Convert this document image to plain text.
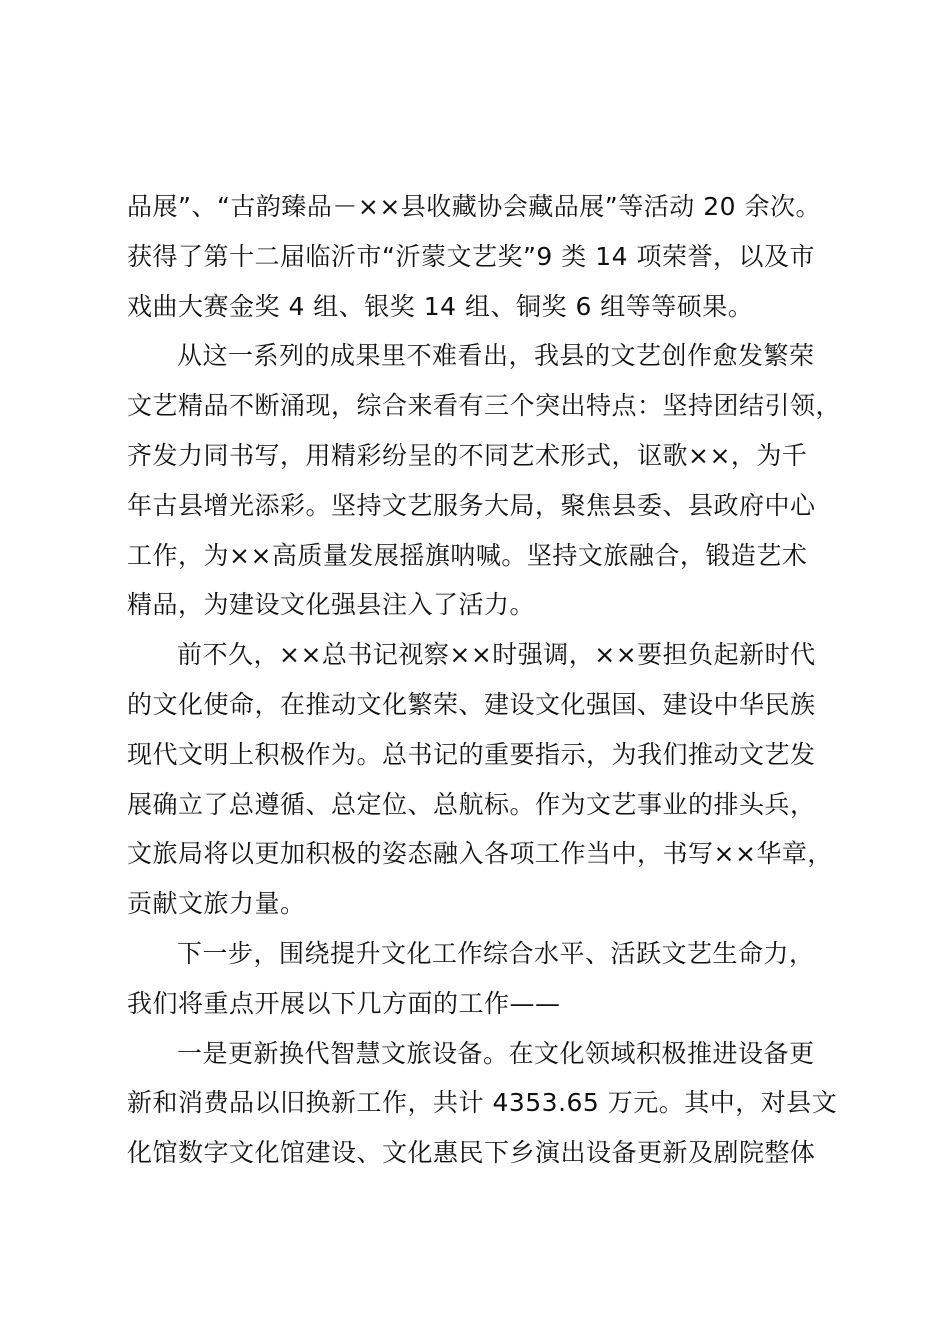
品展”、“古韵臻品－××县收藏协会藏品展”等活动 20 余次。
获得了第十二届临沂市“沂蒙文艺奖”9 类 14 项荣誉，以及市
戏曲大赛金奖 4 组、银奖 14 组、铜奖 6 组等等硕果。
从这一系列的成果里不难看出，我县的文艺创作愈发繁荣
文艺精品不断涌现，综合来看有三个突出特点：坚持团结引领，
齐发力同书写，用精彩纷呈的不同艺术形式，讴歌××，为千
年古县增光添彩。坚持文艺服务大局，聚焦县委、县政府中心
工作，为××高质量发展摇旗呐喊。坚持文旅融合，锻造艺术
精品，为建设文化强县注入了活力。
前不久，××总书记视察××时强调，××要担负起新时代
的文化使命，在推动文化繁荣、建设文化强国、建设中华民族
现代文明上积极作为。总书记的重要指示，为我们推动文艺发
展确立了总遵循、总定位、总航标。作为文艺事业的排头兵，
文旅局将以更加积极的姿态融入各项工作当中，书写××华章，
贡献文旅力量。
下一步，围绕提升文化工作综合水平、活跃文艺生命力，
我们将重点开展以下几方面的工作——
一是更新换代智慧文旅设备。在文化领域积极推进设备更
新和消费品以旧换新工作，共计 4353.65 万元。其中，对县文
化馆数字文化馆建设、文化惠民下乡演出设备更新及剧院整体
